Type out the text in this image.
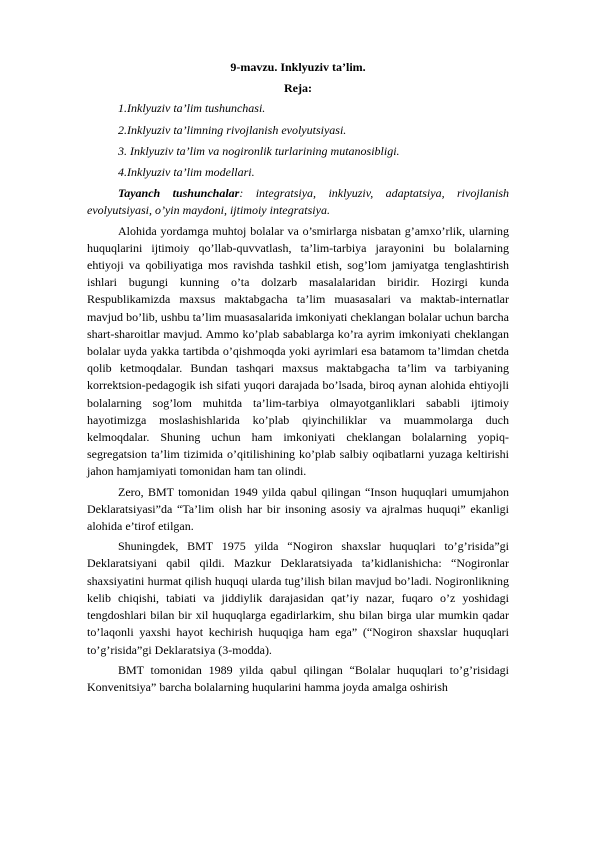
9-mavzu. Inklyuziv ta’lim.

Reja:

1.Inklyuziv ta’lim tushunchasi.

2.Inklyuziv ta’limning rivojlanish evolyutsiyasi.

3. Inklyuziv ta’lim va nogironlik turlarining mutanosibligi.

4.Inklyuziv ta’lim modellari.

Tayanch tushunchalar: integratsiya, inklyuziv, adaptatsiya, rivojlanish evolyutsiyasi, o’yin maydoni, ijtimoiy integratsiya.

Alohida yordamga muhtoj bolalar va o’smirlarga nisbatan g’amxo’rlik, ularning huquqlarini ijtimoiy qo’llab-quvvatlash, ta’lim-tarbiya jarayonini bu bolalarning ehtiyoji va qobiliyatiga mos ravishda tashkil etish, sog’lom jamiyatga tenglashtirish ishlari bugungi kunning o’ta dolzarb masalalaridan biridir. Hozirgi kunda Respublikamizda maxsus maktabgacha ta’lim muasasalari va maktab-internatlar mavjud bo’lib, ushbu ta’lim muasasalarida imkoniyati cheklangan bolalar uchun barcha shart-sharoitlar mavjud. Ammo ko’plab sabablarga ko’ra ayrim imkoniyati cheklangan bolalar uyda yakka tartibda o’qishmoqda yoki ayrimlari esa batamom ta’limdan chetda qolib ketmoqdalar. Bundan tashqari maxsus maktabgacha ta’lim va tarbiyaning korrektsion-pedagogik ish sifati yuqori darajada bo’lsada, biroq aynan alohida ehtiyojli bolalarning sog’lom muhitda ta’lim-tarbiya olmayotganliklari sababli ijtimoiy hayotimizga moslashishlarida ko’plab qiyinchiliklar va muammolarga duch kelmoqdalar. Shuning uchun ham imkoniyati cheklangan bolalarning yopiq-segregatsion ta’lim tizimida o’qitilishining ko’plab salbiy oqibatlarni yuzaga keltirishi jahon hamjamiyati tomonidan ham tan olindi.

Zero, BMT tomonidan 1949 yilda qabul qilingan “Inson huquqlari umumjahon Deklaratsiyasi”da “Ta’lim olish har bir insoning asosiy va ajralmas huquqi” ekanligi alohida e’tirof etilgan.

Shuningdek, BMT 1975 yilda “Nogiron shaxslar huquqlari to’g’risida”gi Deklaratsiyani qabil qildi. Mazkur Deklaratsiyada ta’kidlanishicha: “Nogironlar shaxsiyatini hurmat qilish huquqi ularda tug’ilish bilan mavjud bo’ladi. Nogironlikning kelib chiqishi, tabiati va jiddiylik darajasidan qat’iy nazar, fuqaro o’z yoshidagi tengdoshlari bilan bir xil huquqlarga egadirlarkim, shu bilan birga ular mumkin qadar to’laqonli yaxshi hayot kechirish huquqiga ham ega” (“Nogiron shaxslar huquqlari to’g’risida”gi Deklaratsiya (3-modda).

BMT tomonidan 1989 yilda qabul qilingan “Bolalar huquqlari to’g’risidagi Konvenitsiya” barcha bolalarning huqularini hamma joyda amalga oshirish
